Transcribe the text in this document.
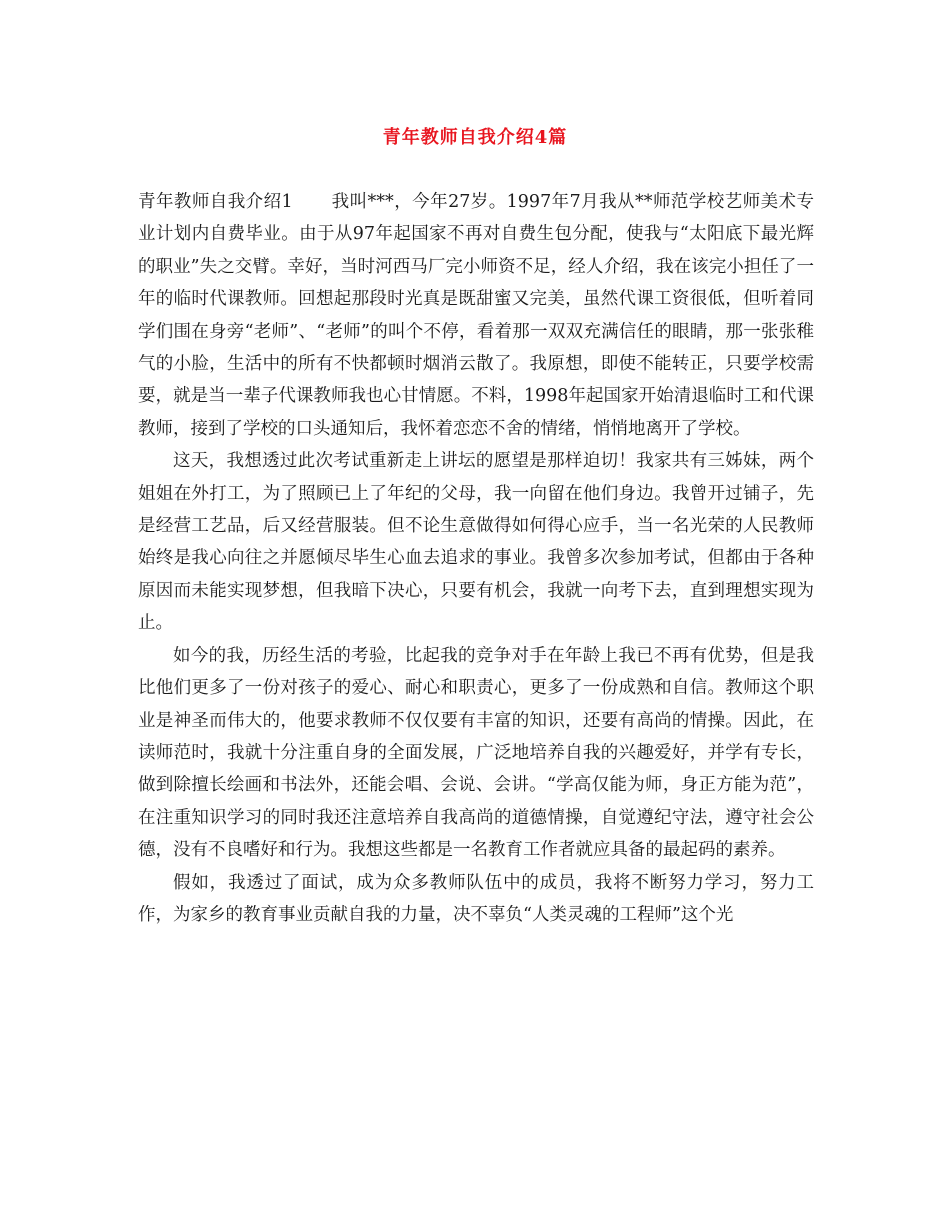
青年教师自我介绍4篇

青年教师自我介绍1 我叫***，今年27岁。1997年7月我从**师范学校艺师美术专业计划内自费毕业。由于从97年起国家不再对自费生包分配，使我与“太阳底下最光辉的职业”失之交臂。幸好，当时河西马厂完小师资不足，经人介绍，我在该完小担任了一年的临时代课教师。回想起那段时光真是既甜蜜又完美，虽然代课工资很低，但听着同学们围在身旁“老师”、“老师”的叫个不停，看着那一双双充满信任的眼睛，那一张张稚气的小脸，生活中的所有不快都顿时烟消云散了。我原想，即使不能转正，只要学校需要，就是当一辈子代课教师我也心甘情愿。不料，1998年起国家开始清退临时工和代课教师，接到了学校的口头通知后，我怀着恋恋不舍的情绪，悄悄地离开了学校。

这天，我想透过此次考试重新走上讲坛的愿望是那样迫切！我家共有三姊妹，两个姐姐在外打工，为了照顾已上了年纪的父母，我一向留在他们身边。我曾开过铺子，先是经营工艺品，后又经营服装。但不论生意做得如何得心应手，当一名光荣的人民教师始终是我心向往之并愿倾尽毕生心血去追求的事业。我曾多次参加考试，但都由于各种原因而未能实现梦想，但我暗下决心，只要有机会，我就一向考下去，直到理想实现为止。

如今的我，历经生活的考验，比起我的竞争对手在年龄上我已不再有优势，但是我比他们更多了一份对孩子的爱心、耐心和职责心，更多了一份成熟和自信。教师这个职业是神圣而伟大的，他要求教师不仅仅要有丰富的知识，还要有高尚的情操。因此，在读师范时，我就十分注重自身的全面发展，广泛地培养自我的兴趣爱好，并学有专长，做到除擅长绘画和书法外，还能会唱、会说、会讲。“学高仅能为师，身正方能为范”，在注重知识学习的同时我还注意培养自我高尚的道德情操，自觉遵纪守法，遵守社会公德，没有不良嗜好和行为。我想这些都是一名教育工作者就应具备的最起码的素养。

假如，我透过了面试，成为众多教师队伍中的成员，我将不断努力学习，努力工作，为家乡的教育事业贡献自我的力量，决不辜负“人类灵魂的工程师”这个光
